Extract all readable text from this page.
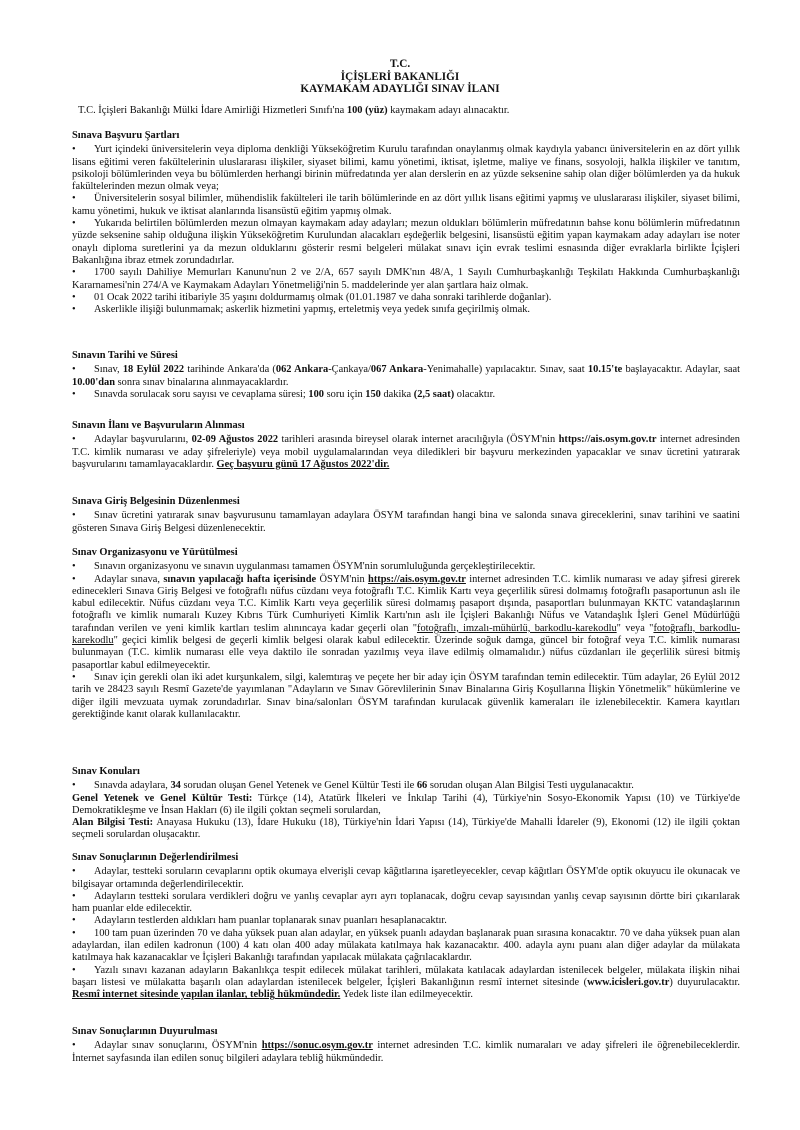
T.C.
İÇİŞLERİ BAKANLIĞI
KAYMAKAM ADAYLIĞI SINAV İLANI
T.C. İçişleri Bakanlığı Mülki İdare Amirliği Hizmetleri Sınıfı'na 100 (yüz) kaymakam adayı alınacaktır.
Sınava Başvuru Şartları
• Yurt içindeki üniversitelerin veya diploma denkliği Yükseköğretim Kurulu tarafından onaylanmış olmak kaydıyla yabancı üniversitelerin en az dört yıllık lisans eğitimi veren fakültelerinin uluslararası ilişkiler, siyaset bilimi, kamu yönetimi, iktisat, işletme, maliye ve finans, sosyoloji, halkla ilişkiler ve tanıtım, psikoloji bölümlerinden veya bu bölümlerden herhangi birinin müfredatında yer alan derslerin en az yüzde seksenine sahip olan diğer bölümlerden ya da hukuk fakültelerinden mezun olmak veya;
• Üniversitelerin sosyal bilimler, mühendislik fakülteleri ile tarih bölümlerinde en az dört yıllık lisans eğitimi yapmış ve uluslararası ilişkiler, siyaset bilimi, kamu yönetimi, hukuk ve iktisat alanlarında lisansüstü eğitim yapmış olmak.
• Yukarıda belirtilen bölümlerden mezun olmayan kaymakam aday adayları; mezun oldukları bölümlerin müfredatının bahse konu bölümlerin müfredatının yüzde seksenine sahip olduğuna ilişkin Yükseköğretim Kurulundan alacakları eşdeğerlik belgesini, lisansüstü eğitim yapan kaymakam aday adayları ise noter onaylı diploma suretlerini ya da mezun olduklarını gösterir resmi belgeleri mülakat sınavı için evrak teslimi esnasında diğer evraklarla birlikte İçişleri Bakanlığına ibraz etmek zorundadırlar.
• 1700 sayılı Dahiliye Memurları Kanunu'nun 2 ve 2/A, 657 sayılı DMK'nın 48/A, 1 Sayılı Cumhurbaşkanlığı Teşkilatı Hakkında Cumhurbaşkanlığı Kararnamesi'nin 274/A ve Kaymakam Adayları Yönetmeliği'nin 5. maddelerinde yer alan şartlara haiz olmak.
• 01 Ocak 2022 tarihi itibariyle 35 yaşını doldurmamış olmak (01.01.1987 ve daha sonraki tarihlerde doğanlar).
• Askerlikle ilişiği bulunmamak; askerlik hizmetini yapmış, erteletmiş veya yedek sınıfa geçirilmiş olmak.
Sınavın Tarihi ve Süresi
• Sınav, 18 Eylül 2022 tarihinde Ankara'da (062 Ankara-Çankaya/067 Ankara-Yenimahalle) yapılacaktır. Sınav, saat 10.15'te başlayacaktır. Adaylar, saat 10.00'dan sonra sınav binalarına alınmayacaklardır.
• Sınavda sorulacak soru sayısı ve cevaplama süresi; 100 soru için 150 dakika (2,5 saat) olacaktır.
Sınavın İlanı ve Başvuruların Alınması
• Adaylar başvurularını, 02-09 Ağustos 2022 tarihleri arasında bireysel olarak internet aracılığıyla (ÖSYM'nin https://ais.osym.gov.tr internet adresinden T.C. kimlik numarası ve aday şifreleriyle) veya mobil uygulamalarından veya diledikleri bir başvuru merkezinden yapacaklar ve sınav ücretini yatırarak başvurularını tamamlayacaklardır. Geç başvuru günü 17 Ağustos 2022'dir.
Sınava Giriş Belgesinin Düzenlenmesi
• Sınav ücretini yatırarak sınav başvurusunu tamamlayan adaylara ÖSYM tarafından hangi bina ve salonda sınava gireceklerini, sınav tarihini ve saatini gösteren Sınava Giriş Belgesi düzenlenecektir.
Sınav Organizasyonu ve Yürütülmesi
• Sınavın organizasyonu ve sınavın uygulanması tamamen ÖSYM'nin sorumluluğunda gerçekleştirilecektir.
• Adaylar sınava, sınavın yapılacağı hafta içerisinde ÖSYM'nin https://ais.osym.gov.tr internet adresinden T.C. kimlik numarası ve aday şifresi girerek edinecekleri Sınava Giriş Belgesi ve fotoğraflı nüfus cüzdanı veya fotoğraflı T.C. Kimlik Kartı veya geçerlilik süresi dolmamış fotoğraflı pasaportunun aslı ile kabul edilecektir. Nüfus cüzdanı veya T.C. Kimlik Kartı veya geçerlilik süresi dolmamış pasaport dışında, pasaportları bulunmayan KKTC vatandaşlarının fotoğraflı ve kimlik numaralı Kuzey Kıbrıs Türk Cumhuriyeti Kimlik Kartı'nın aslı ile İçişleri Bakanlığı Nüfus ve Vatandaşlık İşleri Genel Müdürlüğü tarafından verilen ve yeni kimlik kartları teslim alınıncaya kadar geçerli olan "fotoğraflı, imzalı-mühürlü, barkodlu-karekodlu" veya "fotoğraflı, barkodlu-karekodlu" geçici kimlik belgesi de geçerli kimlik belgesi olarak kabul edilecektir. Üzerinde soğuk damga, güncel bir fotoğraf veya T.C. kimlik numarası bulunmayan (T.C. kimlik numarası elle veya daktilo ile sonradan yazılmış veya ilave edilmiş olmamalıdır.) nüfus cüzdanları ile geçerlilik süresi bitmiş pasaportlar kabul edilmeyecektir.
• Sınav için gerekli olan iki adet kurşunkalem, silgi, kalemtıraş ve peçete her bir aday için ÖSYM tarafından temin edilecektir. Tüm adaylar, 26 Eylül 2012 tarih ve 28423 sayılı Resmî Gazete'de yayımlanan "Adayların ve Sınav Görevlilerinin Sınav Binalarına Giriş Koşullarına İlişkin Yönetmelik" hükümlerine ve diğer ilgili mevzuata uymak zorundadırlar. Sınav bina/salonları ÖSYM tarafından kurulacak güvenlik kameraları ile izlenebilecektir. Kamera kayıtları gerektiğinde kanıt olarak kullanılacaktır.
Sınav Konuları
• Sınavda adaylara, 34 sorudan oluşan Genel Yetenek ve Genel Kültür Testi ile 66 sorudan oluşan Alan Bilgisi Testi uygulanacaktır.
Genel Yetenek ve Genel Kültür Testi: Türkçe (14), Atatürk İlkeleri ve İnkılap Tarihi (4), Türkiye'nin Sosyo-Ekonomik Yapısı (10) ve Türkiye'de Demokratikleşme ve İnsan Hakları (6) ile ilgili çoktan seçmeli sorulardan,
Alan Bilgisi Testi: Anayasa Hukuku (13), İdare Hukuku (18), Türkiye'nin İdari Yapısı (14), Türkiye'de Mahalli İdareler (9), Ekonomi (12) ile ilgili çoktan seçmeli sorulardan oluşacaktır.
Sınav Sonuçlarının Değerlendirilmesi
• Adaylar, testteki soruların cevaplarını optik okumaya elverişli cevap kâğıtlarına işaretleyecekler, cevap kâğıtları ÖSYM'de optik okuyucu ile okunacak ve bilgisayar ortamında değerlendirilecektir.
• Adayların testteki sorulara verdikleri doğru ve yanlış cevaplar ayrı ayrı toplanacak, doğru cevap sayısından yanlış cevap sayısının dörtte biri çıkarılarak ham puanlar elde edilecektir.
• Adayların testlerden aldıkları ham puanlar toplanarak sınav puanları hesaplanacaktır.
• 100 tam puan üzerinden 70 ve daha yüksek puan alan adaylar, en yüksek puanlı adaydan başlanarak puan sırasına konacaktır. 70 ve daha yüksek puan alan adaylardan, ilan edilen kadronun (100) 4 katı olan 400 aday mülakata katılmaya hak kazanacaktır. 400. adayla aynı puanı alan diğer adaylar da mülakata katılmaya hak kazanacaklar ve İçişleri Bakanlığı tarafından yapılacak mülakata çağrılacaklardır.
• Yazılı sınavı kazanan adayların Bakanlıkça tespit edilecek mülakat tarihleri, mülakata katılacak adaylardan istenilecek belgeler, mülakata ilişkin nihai başarı listesi ve mülakatta başarılı olan adaylardan istenilecek belgeler, İçişleri Bakanlığının resmî internet sitesinde (www.icisleri.gov.tr) duyurulacaktır. Resmî internet sitesinde yapılan ilanlar, tebliğ hükmündedir. Yedek liste ilan edilmeyecektir.
Sınav Sonuçlarının Duyurulması
• Adaylar sınav sonuçlarını, ÖSYM'nin https://sonuc.osym.gov.tr internet adresinden T.C. kimlik numaraları ve aday şifreleri ile öğrenebileceklerdir. İnternet sayfasında ilan edilen sonuç bilgileri adaylara tebliğ hükmündedir.
